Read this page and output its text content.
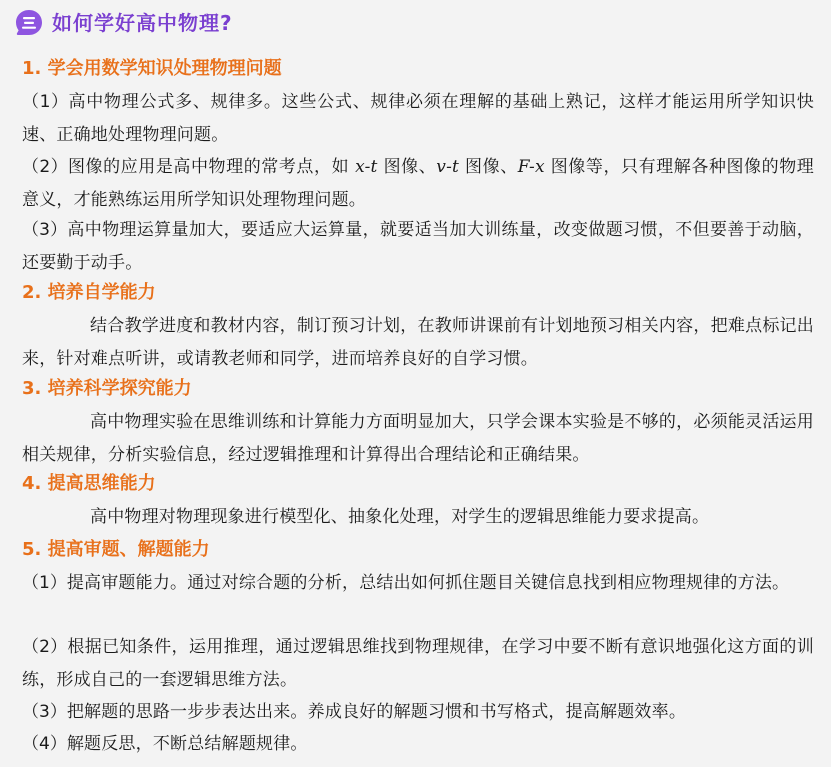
如何学好高中物理?
1. 学会用数学知识处理物理问题
（1）高中物理公式多、规律多。这些公式、规律必须在理解的基础上熟记，这样才能运用所学知识快速、正确地处理物理问题。
（2）图像的应用是高中物理的常考点，如 x-t 图像、v-t 图像、F-x 图像等，只有理解各种图像的物理意义，才能熟练运用所学知识处理物理问题。
（3）高中物理运算量加大，要适应大运算量，就要适当加大训练量，改变做题习惯，不但要善于动脑，还要勤于动手。
2. 培养自学能力
结合教学进度和教材内容，制订预习计划，在教师讲课前有计划地预习相关内容，把难点标记出来，针对难点听讲，或请教老师和同学，进而培养良好的自学习惯。
3. 培养科学探究能力
高中物理实验在思维训练和计算能力方面明显加大，只学会课本实验是不够的，必须能灵活运用相关规律，分析实验信息，经过逻辑推理和计算得出合理结论和正确结果。
4. 提高思维能力
高中物理对物理现象进行模型化、抽象化处理，对学生的逻辑思维能力要求提高。
5. 提高审题、解题能力
（1）提高审题能力。通过对综合题的分析，总结出如何抓住题目关键信息找到相应物理规律的方法。
（2）根据已知条件，运用推理，通过逻辑思维找到物理规律，在学习中要不断有意识地强化这方面的训练，形成自己的一套逻辑思维方法。
（3）把解题的思路一步步表达出来。养成良好的解题习惯和书写格式，提高解题效率。
（4）解题反思，不断总结解题规律。
